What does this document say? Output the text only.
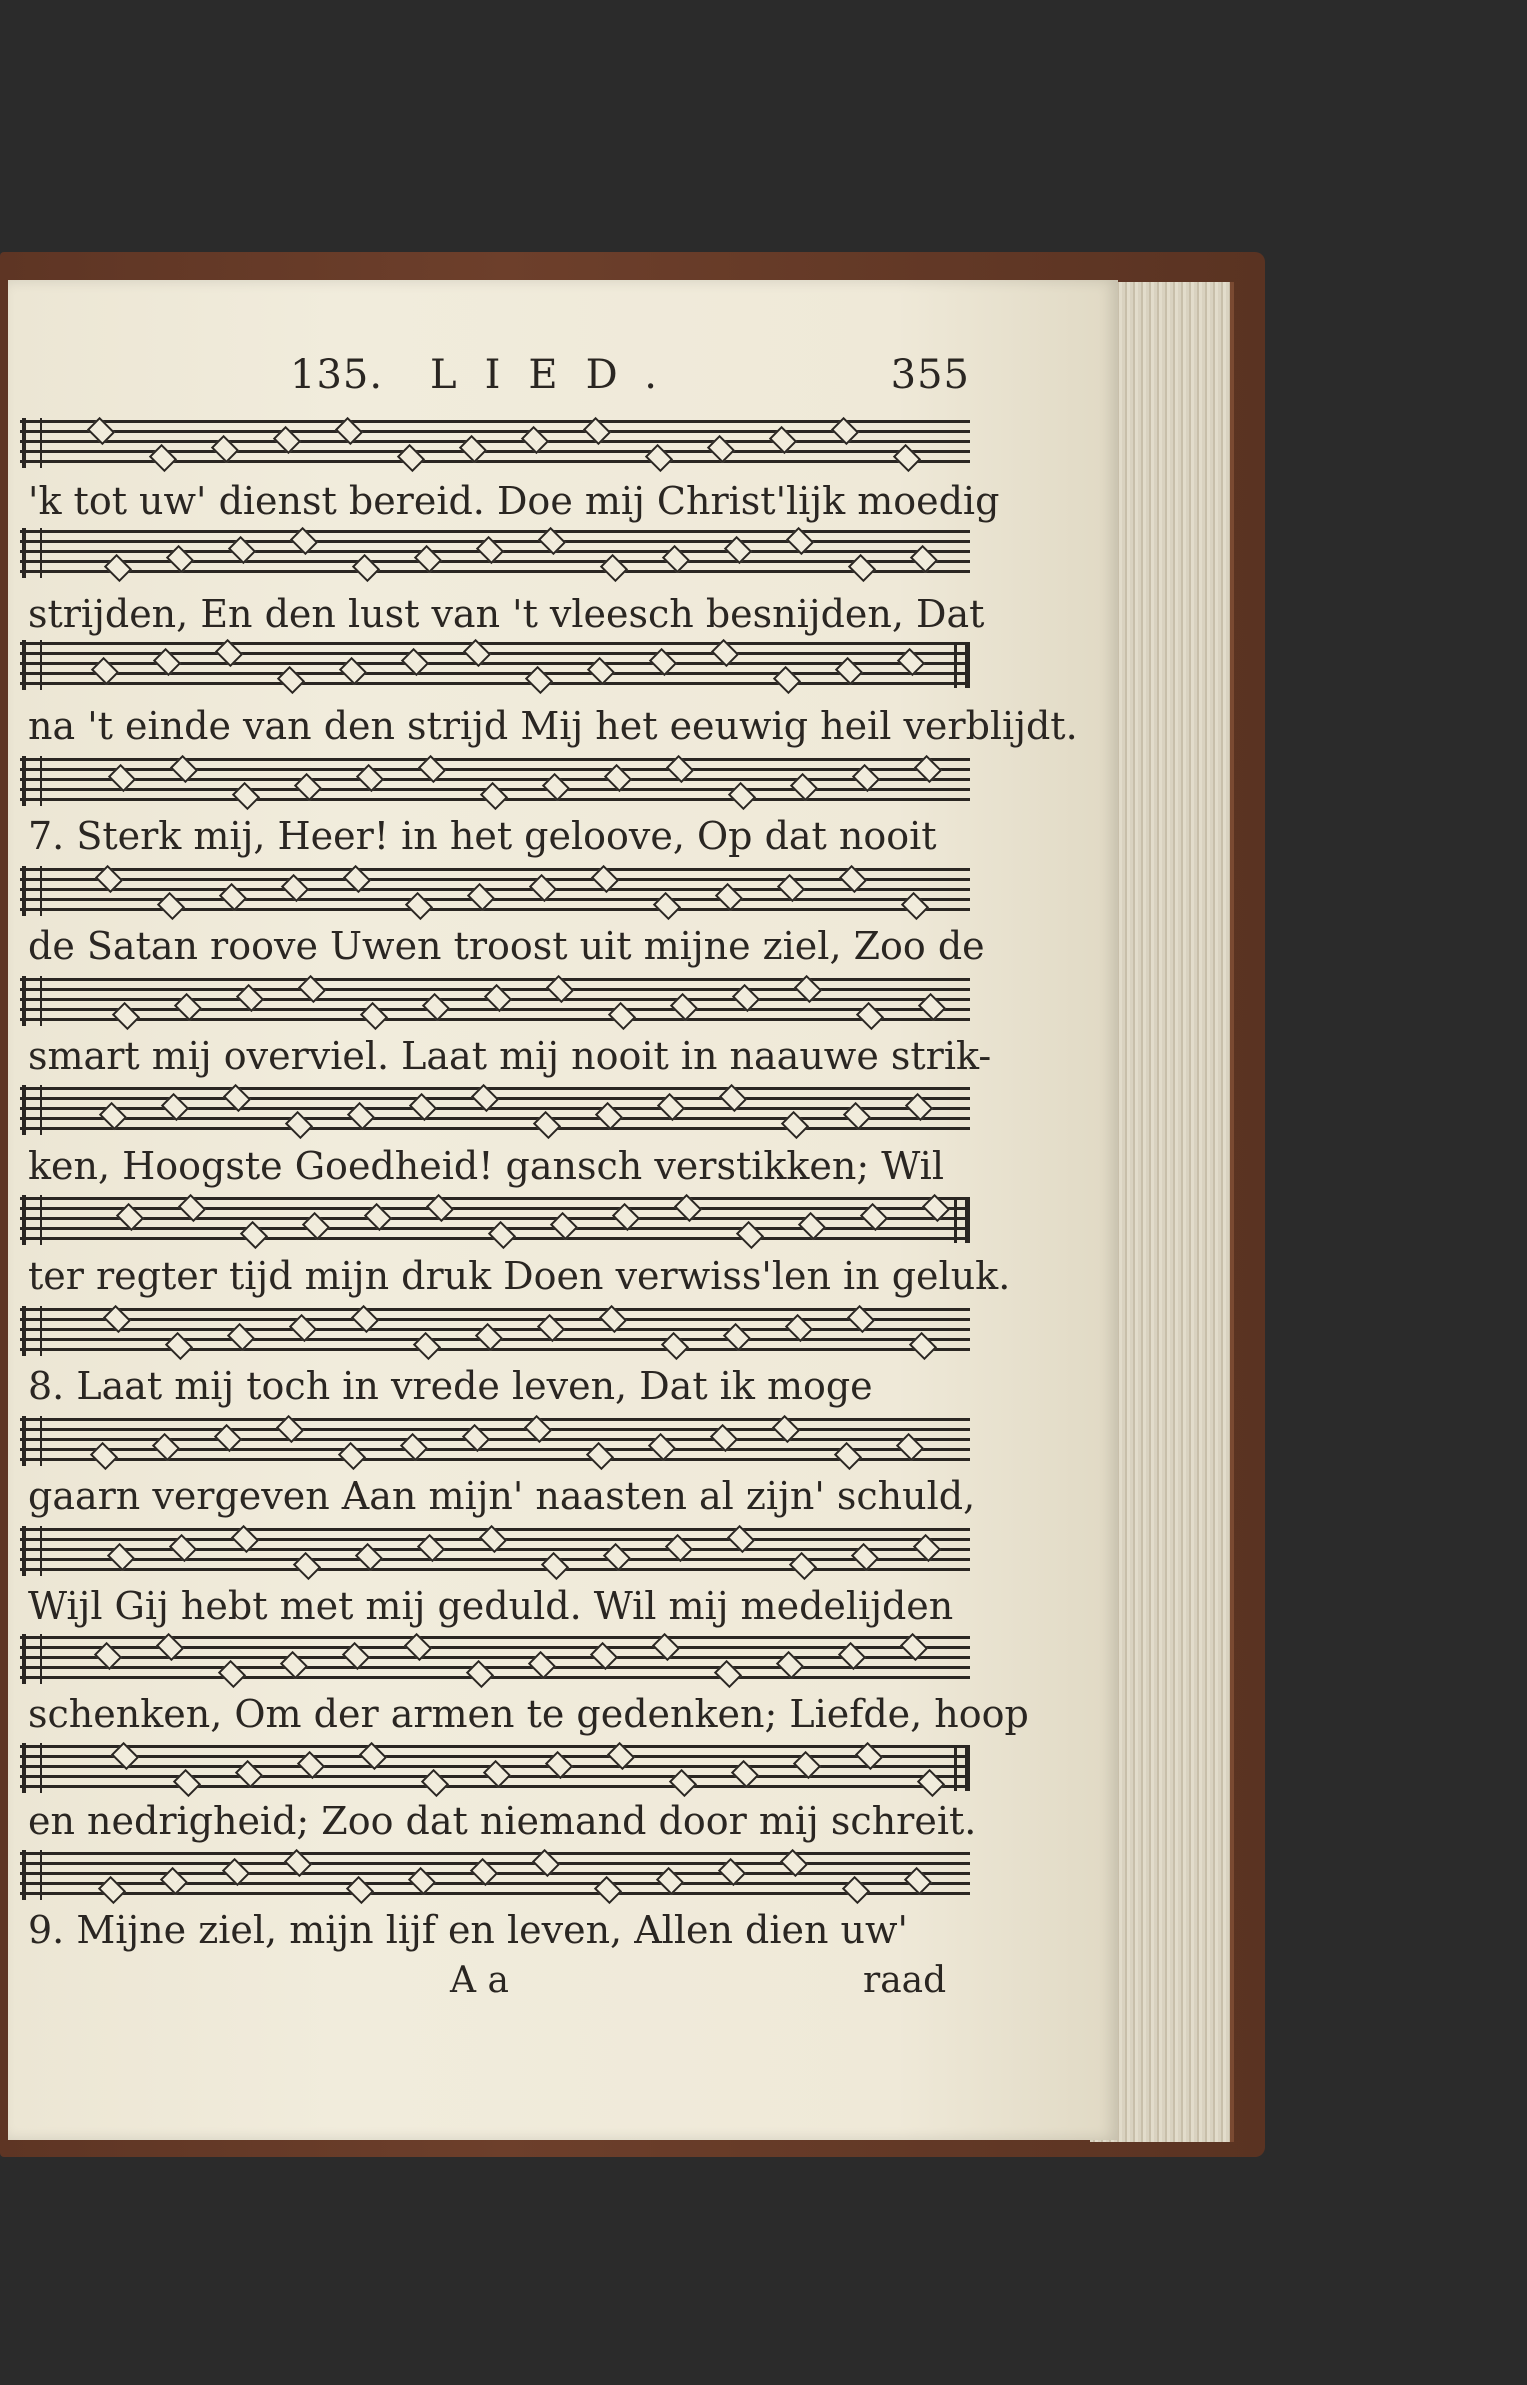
135. LIED.	355
'k tot uw' dienst bereid. Doe mij Christ'lijk moedig
strijden, En den lust van 't vleesch besnijden, Dat
na 't einde van den strijd Mij het eeuwig heil verblijdt.
7. Sterk mij, Heer! in het geloove, Op dat nooit
de Satan roove Uwen troost uit mijne ziel, Zoo de
smart mij overviel. Laat mij nooit in naauwe strik-
ken, Hoogste Goedheid! gansch verstikken; Wil
ter regter tijd mijn druk Doen verwiss'len in geluk.
8. Laat mij toch in vrede leven, Dat ik moge
gaarn vergeven Aan mijn' naasten al zijn' schuld,
Wijl Gij hebt met mij geduld. Wil mij medelijden
schenken, Om der armen te gedenken; Liefde, hoop
en nedrigheid; Zoo dat niemand door mij schreit.
9. Mijne ziel, mijn lijf en leven, Allen dien uw'
A a	raad
